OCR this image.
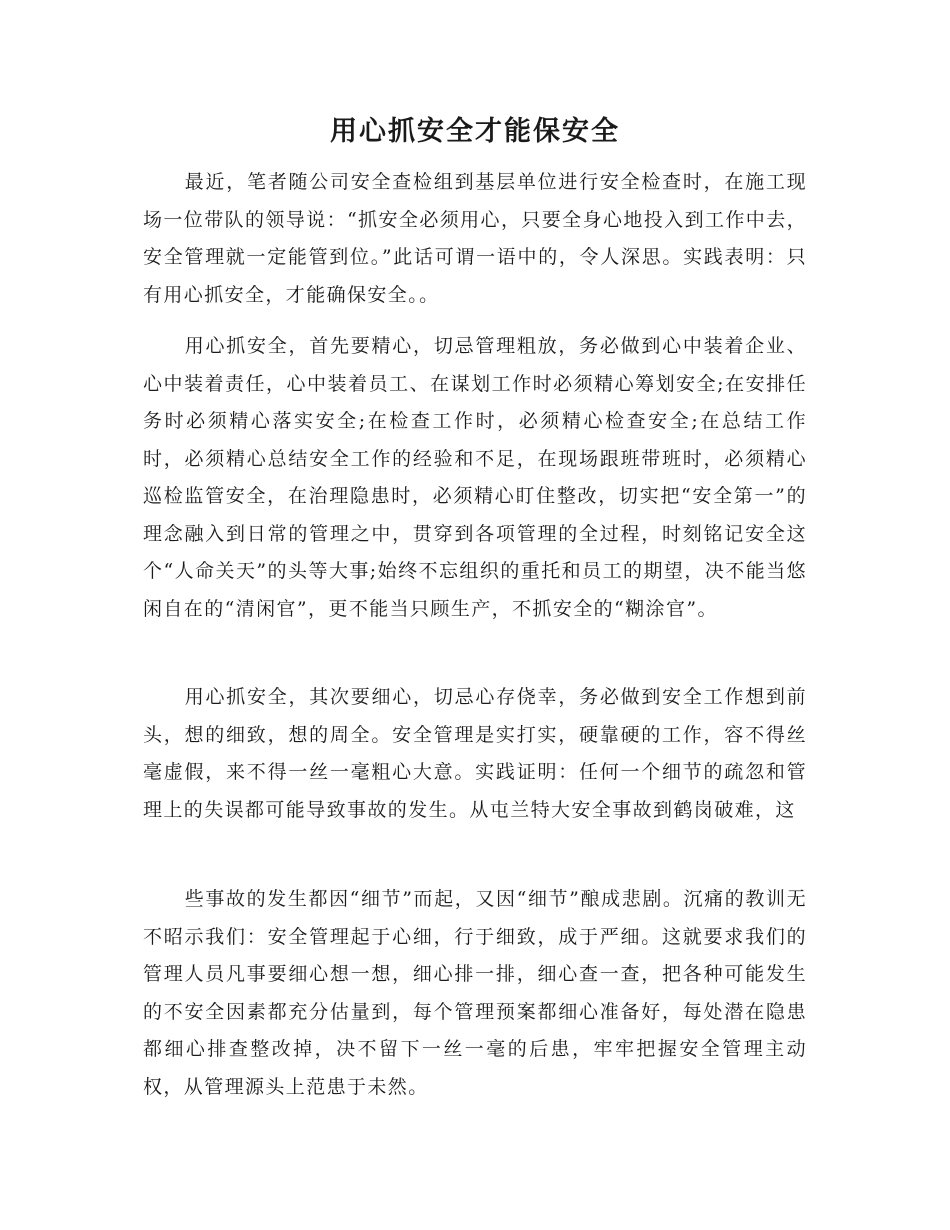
用心抓安全才能保安全

最近，笔者随公司安全查检组到基层单位进行安全检查时，在施工现场一位带队的领导说：“抓安全必须用心，只要全身心地投入到工作中去，安全管理就一定能管到位。”此话可谓一语中的，令人深思。实践表明：只有用心抓安全，才能确保安全。。

用心抓安全，首先要精心，切忌管理粗放，务必做到心中装着企业、心中装着责任，心中装着员工、在谋划工作时必须精心筹划安全;在安排任务时必须精心落实安全;在检查工作时，必须精心检查安全;在总结工作时，必须精心总结安全工作的经验和不足，在现场跟班带班时，必须精心巡检监管安全，在治理隐患时，必须精心盯住整改，切实把“安全第一”的理念融入到日常的管理之中，贯穿到各项管理的全过程，时刻铭记安全这个“人命关天”的头等大事;始终不忘组织的重托和员工的期望，决不能当悠闲自在的“清闲官”，更不能当只顾生产，不抓安全的“糊涂官”。

用心抓安全，其次要细心，切忌心存侥幸，务必做到安全工作想到前头，想的细致，想的周全。安全管理是实打实，硬靠硬的工作，容不得丝毫虚假，来不得一丝一毫粗心大意。实践证明：任何一个细节的疏忽和管理上的失误都可能导致事故的发生。从屯兰特大安全事故到鹤岗破难，这

些事故的发生都因“细节”而起，又因“细节”酿成悲剧。沉痛的教训无不昭示我们：安全管理起于心细，行于细致，成于严细。这就要求我们的管理人员凡事要细心想一想，细心排一排，细心查一查，把各种可能发生的不安全因素都充分估量到，每个管理预案都细心准备好，每处潜在隐患都细心排查整改掉，决不留下一丝一毫的后患，牢牢把握安全管理主动权，从管理源头上范患于未然。
